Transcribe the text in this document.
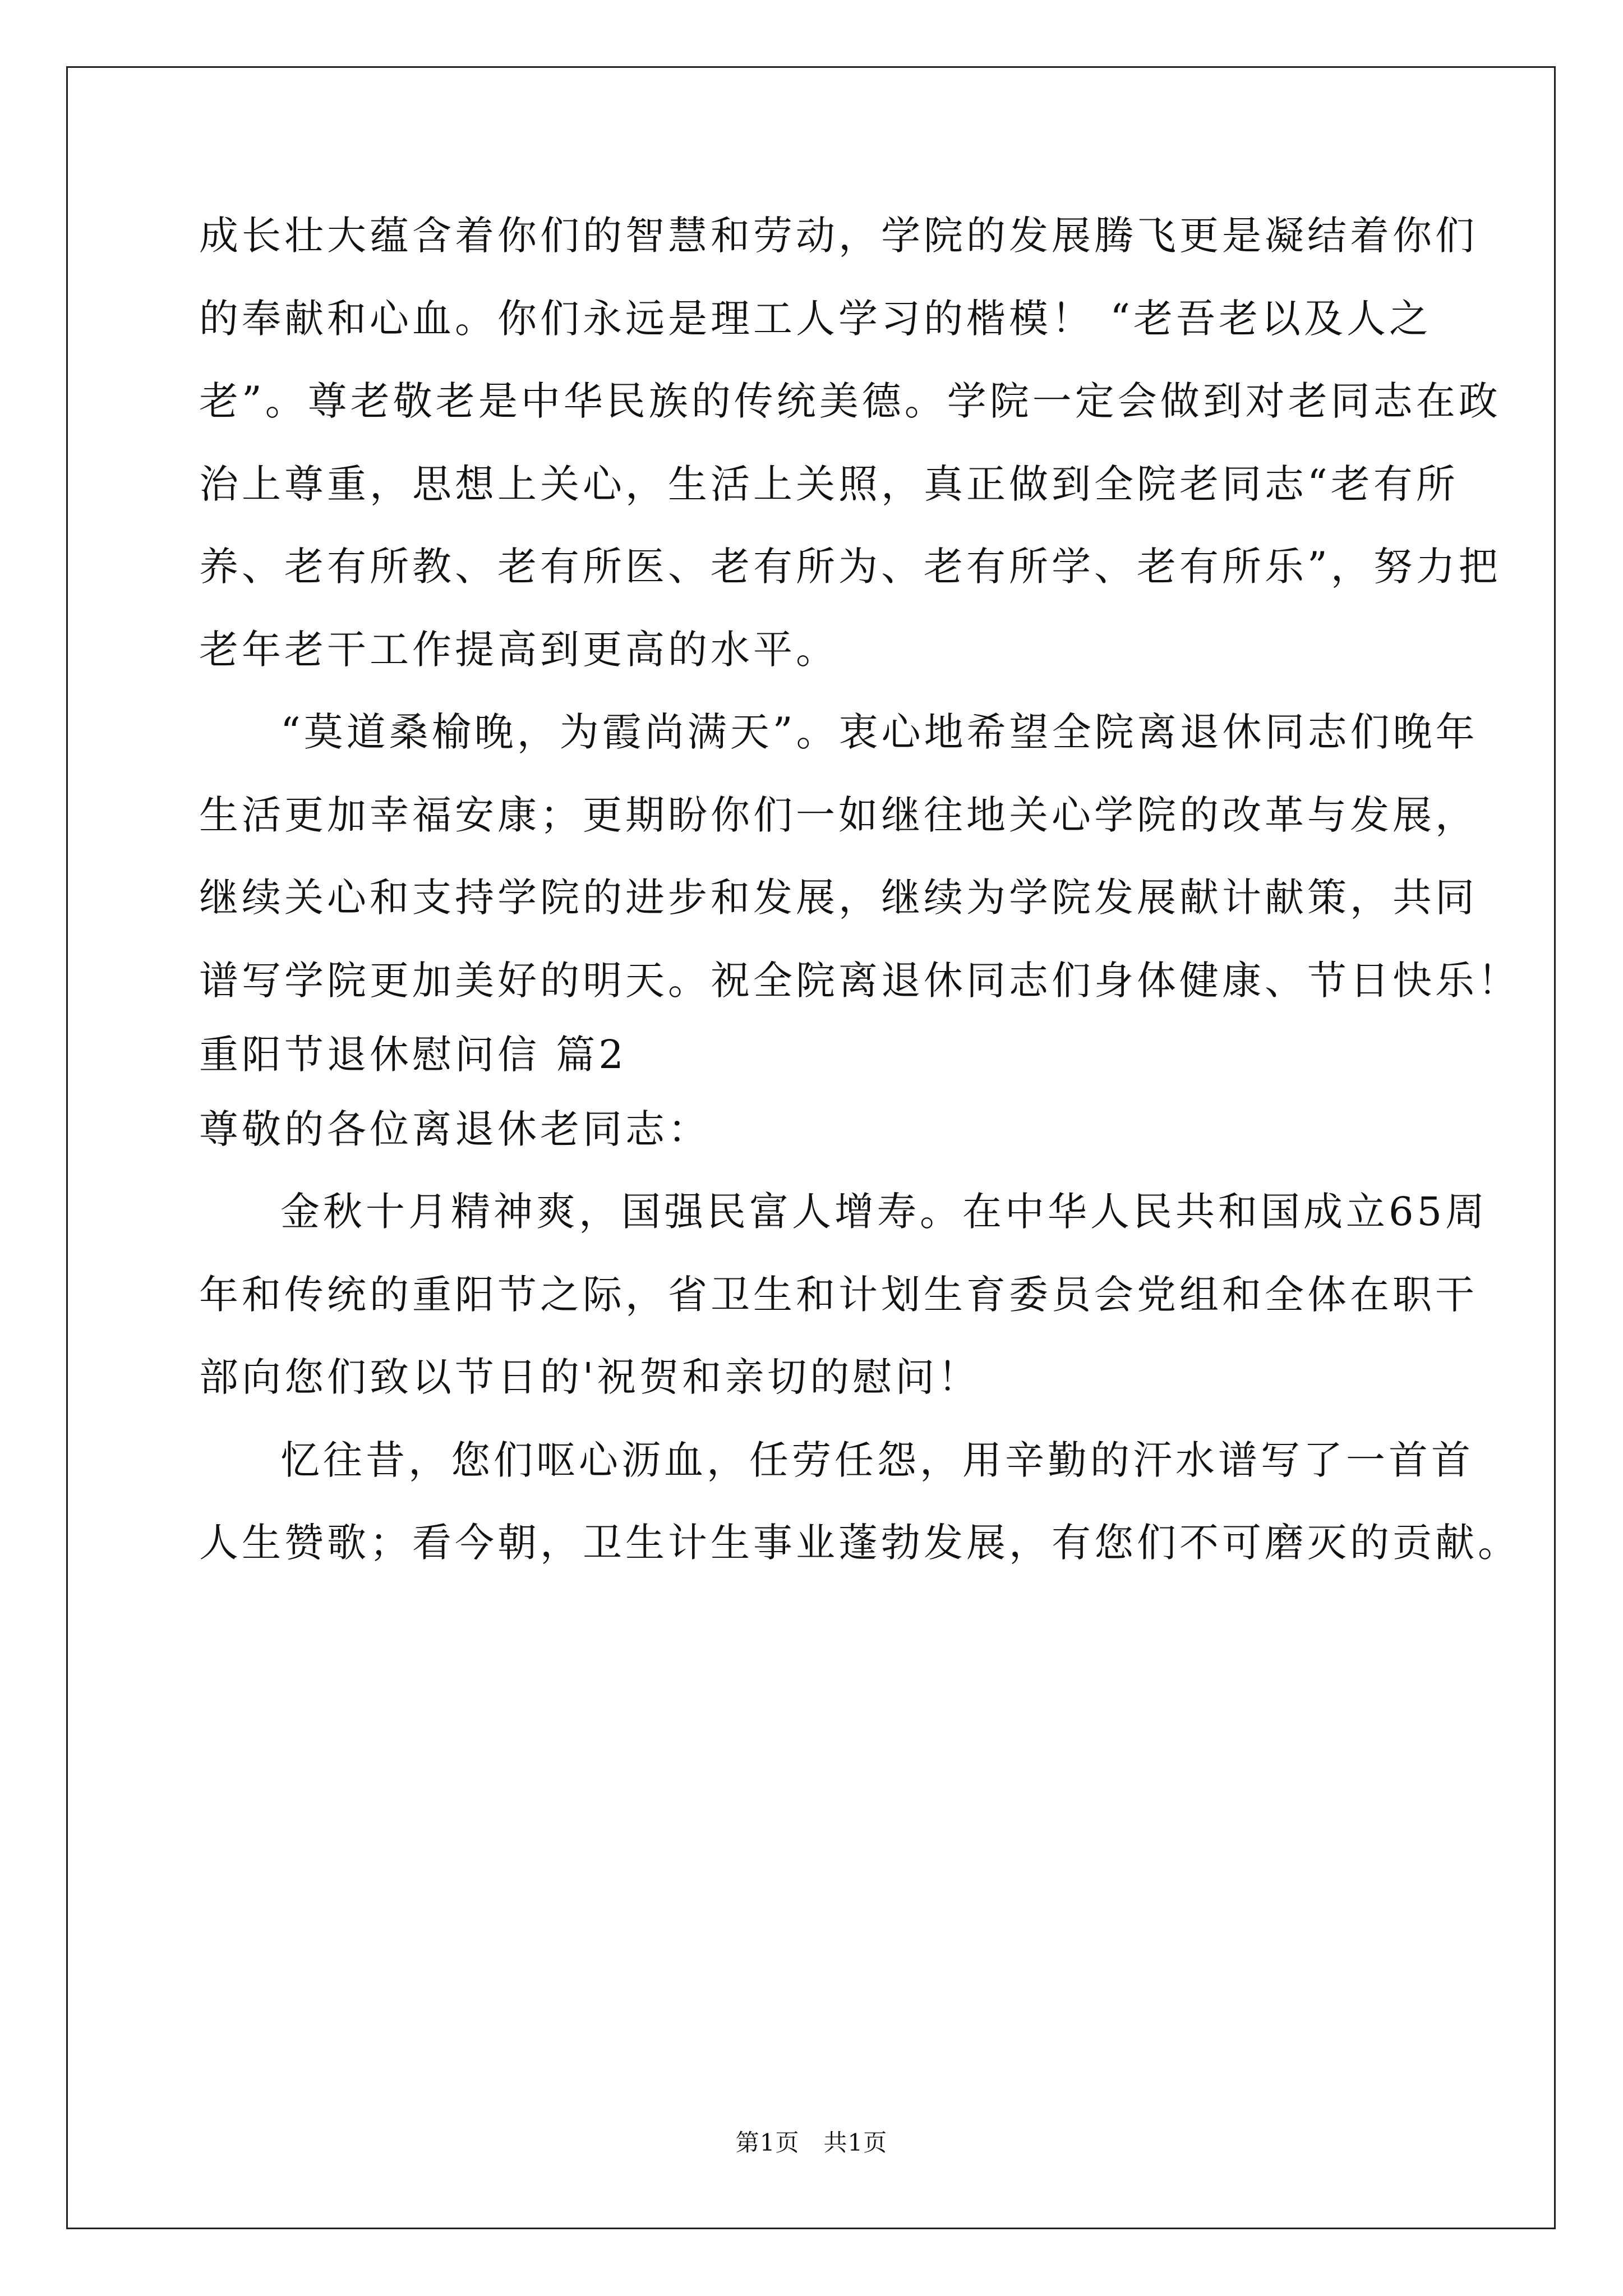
成长壮大蕴含着你们的智慧和劳动，学院的发展腾飞更是凝结着你们
的奉献和心血。你们永远是理工人学习的楷模！ “老吾老以及人之
老”。尊老敬老是中华民族的传统美德。学院一定会做到对老同志在政
治上尊重，思想上关心，生活上关照，真正做到全院老同志“老有所
养、老有所教、老有所医、老有所为、老有所学、老有所乐”，努力把
老年老干工作提高到更高的水平。
“莫道桑榆晚，为霞尚满天”。衷心地希望全院离退休同志们晚年
生活更加幸福安康；更期盼你们一如继往地关心学院的改革与发展，
继续关心和支持学院的进步和发展，继续为学院发展献计献策，共同
谱写学院更加美好的明天。祝全院离退休同志们身体健康、节日快乐！
重阳节退休慰问信 篇2
尊敬的各位离退休老同志：
金秋十月精神爽，国强民富人增寿。在中华人民共和国成立65周
年和传统的重阳节之际，省卫生和计划生育委员会党组和全体在职干
部向您们致以节日的'祝贺和亲切的慰问！
忆往昔，您们呕心沥血，任劳任怨，用辛勤的汗水谱写了一首首
人生赞歌；看今朝，卫生计生事业蓬勃发展，有您们不可磨灭的贡献。
第1页　共1页
